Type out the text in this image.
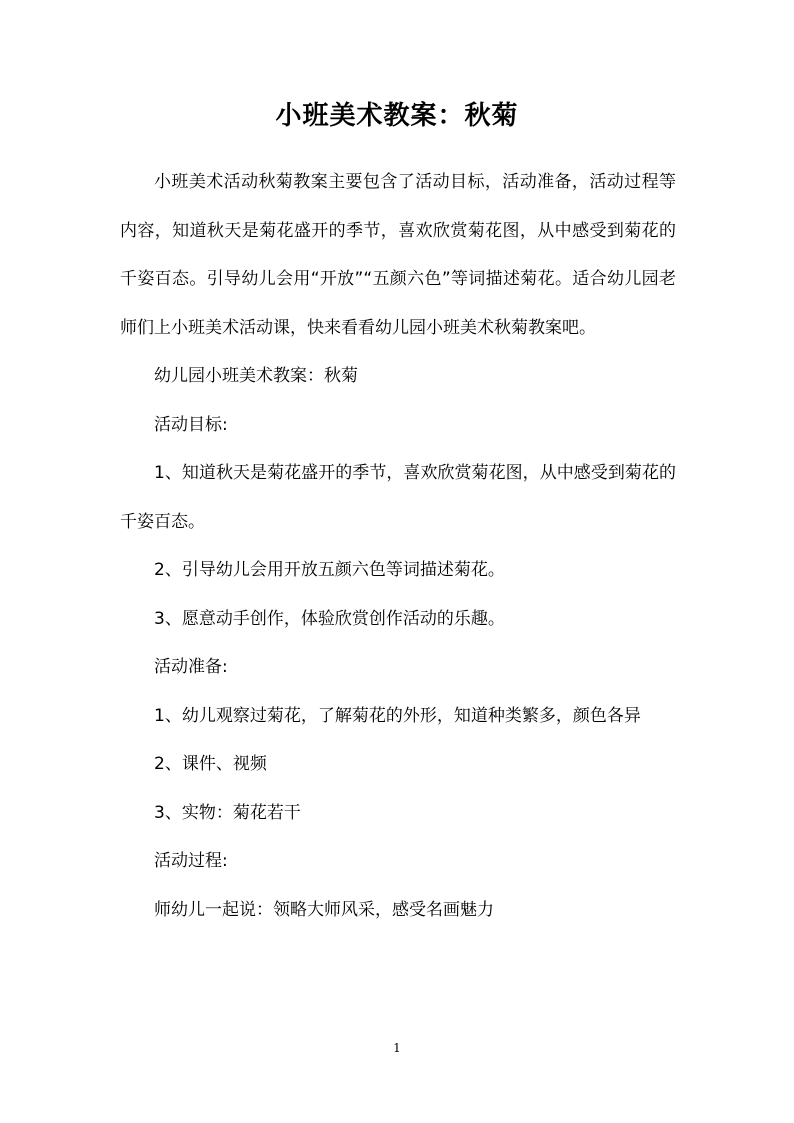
小班美术教案：秋菊

小班美术活动秋菊教案主要包含了活动目标，活动准备，活动过程等内容，知道秋天是菊花盛开的季节，喜欢欣赏菊花图，从中感受到菊花的千姿百态。引导幼儿会用“开放”“五颜六色”等词描述菊花。适合幼儿园老师们上小班美术活动课，快来看看幼儿园小班美术秋菊教案吧。

幼儿园小班美术教案：秋菊

活动目标:

1、知道秋天是菊花盛开的季节，喜欢欣赏菊花图，从中感受到菊花的千姿百态。

2、引导幼儿会用开放五颜六色等词描述菊花。

3、愿意动手创作，体验欣赏创作活动的乐趣。

活动准备:

1、幼儿观察过菊花，了解菊花的外形，知道种类繁多，颜色各异

2、课件、视频

3、实物：菊花若干

活动过程:

师幼儿一起说：领略大师风采，感受名画魅力

1
